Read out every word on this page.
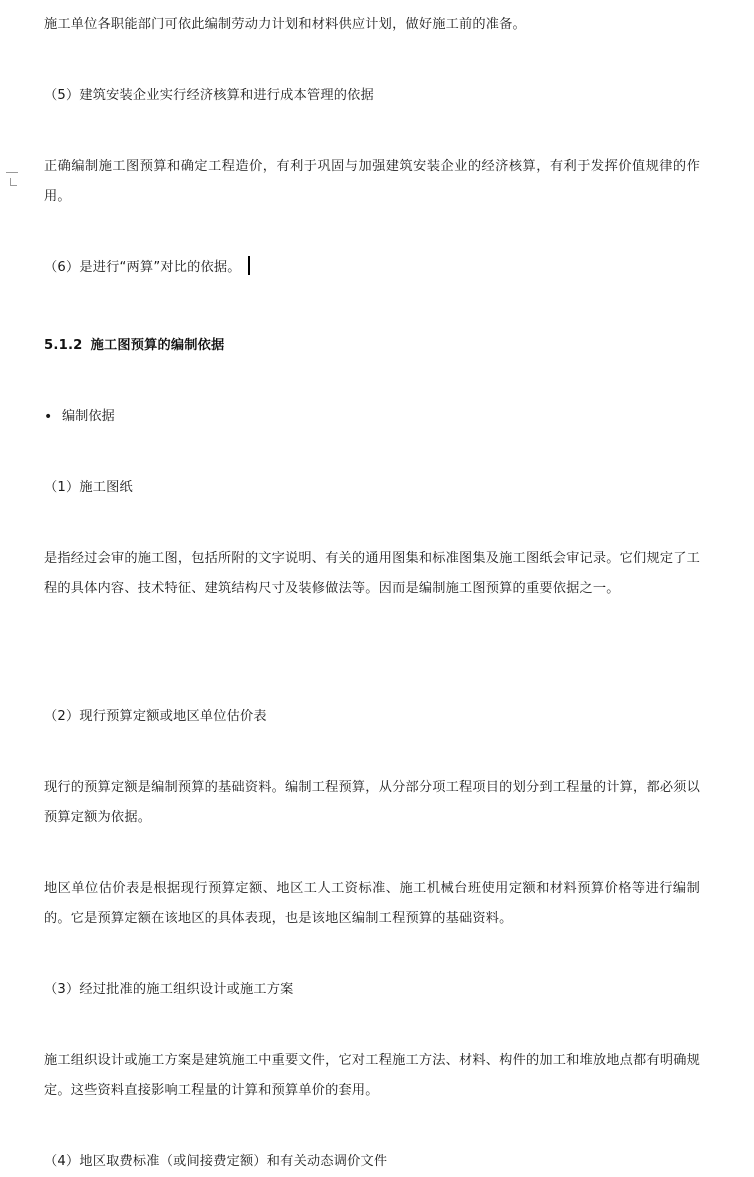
施工单位各职能部门可依此编制劳动力计划和材料供应计划，做好施工前的准备。

（5）建筑安装企业实行经济核算和进行成本管理的依据

正确编制施工图预算和确定工程造价，有利于巩固与加强建筑安装企业的经济核算，有利于发挥价值规律的作用。

（6）是进行“两算”对比的依据。

5.1.2 施工图预算的编制依据

• 编制依据

（1）施工图纸

是指经过会审的施工图，包括所附的文字说明、有关的通用图集和标准图集及施工图纸会审记录。它们规定了工程的具体内容、技术特征、建筑结构尺寸及装修做法等。因而是编制施工图预算的重要依据之一。

（2）现行预算定额或地区单位估价表

现行的预算定额是编制预算的基础资料。编制工程预算，从分部分项工程项目的划分到工程量的计算，都必须以预算定额为依据。

地区单位估价表是根据现行预算定额、地区工人工资标准、施工机械台班使用定额和材料预算价格等进行编制的。它是预算定额在该地区的具体表现，也是该地区编制工程预算的基础资料。

（3）经过批准的施工组织设计或施工方案

施工组织设计或施工方案是建筑施工中重要文件，它对工程施工方法、材料、构件的加工和堆放地点都有明确规定。这些资料直接影响工程量的计算和预算单价的套用。

（4）地区取费标准（或间接费定额）和有关动态调价文件
